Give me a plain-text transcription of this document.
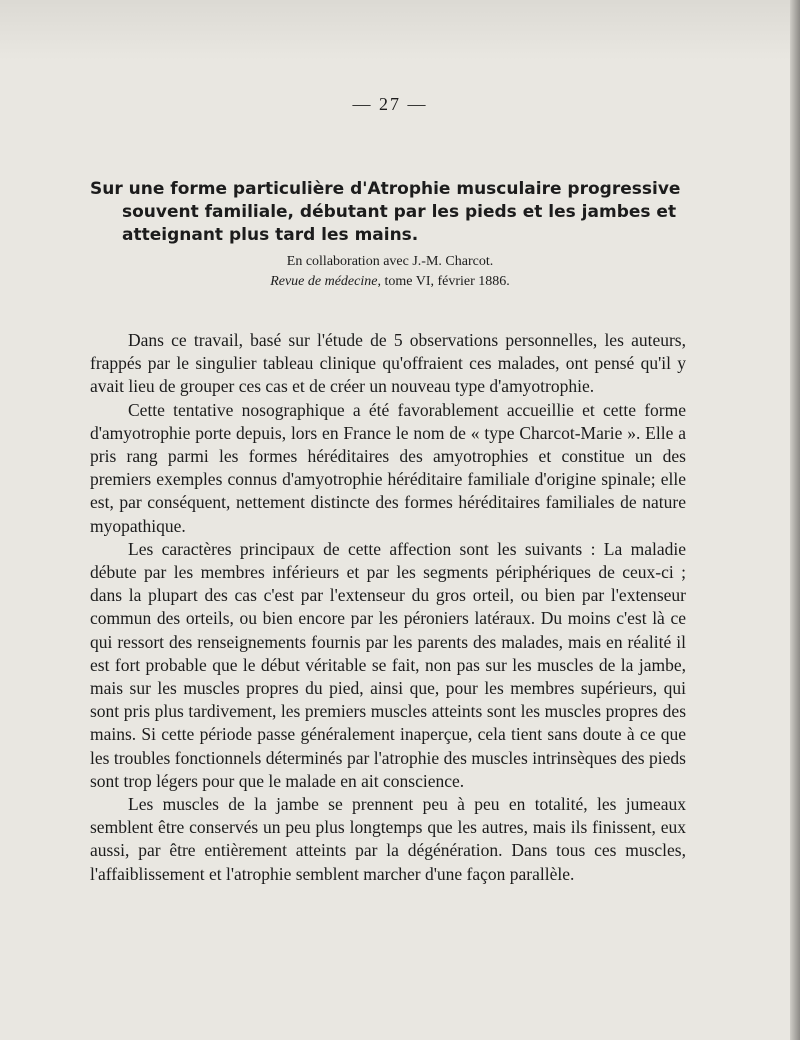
— 27 —
Sur une forme particulière d'Atrophie musculaire progressive souvent familiale, débutant par les pieds et les jambes et atteignant plus tard les mains.
En collaboration avec J.-M. Charcot.
Revue de médecine, tome VI, février 1886.

Dans ce travail, basé sur l'étude de 5 observations personnelles, les auteurs, frappés par le singulier tableau clinique qu'offraient ces malades, ont pensé qu'il y avait lieu de grouper ces cas et de créer un nouveau type d'amyotrophie.

Cette tentative nosographique a été favorablement accueillie et cette forme d'amyotrophie porte depuis, lors en France le nom de « type Charcot-Marie ». Elle a pris rang parmi les formes héréditaires des amyotrophies et constitue un des premiers exemples connus d'amyotrophie héréditaire familiale d'origine spinale; elle est, par conséquent, nettement distincte des formes héréditaires familiales de nature myopathique.

Les caractères principaux de cette affection sont les suivants : La maladie débute par les membres inférieurs et par les segments périphériques de ceux-ci ; dans la plupart des cas c'est par l'extenseur du gros orteil, ou bien par l'extenseur commun des orteils, ou bien encore par les péroniers latéraux. Du moins c'est là ce qui ressort des renseignements fournis par les parents des malades, mais en réalité il est fort probable que le début véritable se fait, non pas sur les muscles de la jambe, mais sur les muscles propres du pied, ainsi que, pour les membres supérieurs, qui sont pris plus tardivement, les premiers muscles atteints sont les muscles propres des mains. Si cette période passe généralement inaperçue, cela tient sans doute à ce que les troubles fonctionnels déterminés par l'atrophie des muscles intrinsèques des pieds sont trop légers pour que le malade en ait conscience.

Les muscles de la jambe se prennent peu à peu en totalité, les jumeaux semblent être conservés un peu plus longtemps que les autres, mais ils finissent, eux aussi, par être entièrement atteints par la dégénération. Dans tous ces muscles, l'affaiblissement et l'atrophie semblent marcher d'une façon parallèle.
